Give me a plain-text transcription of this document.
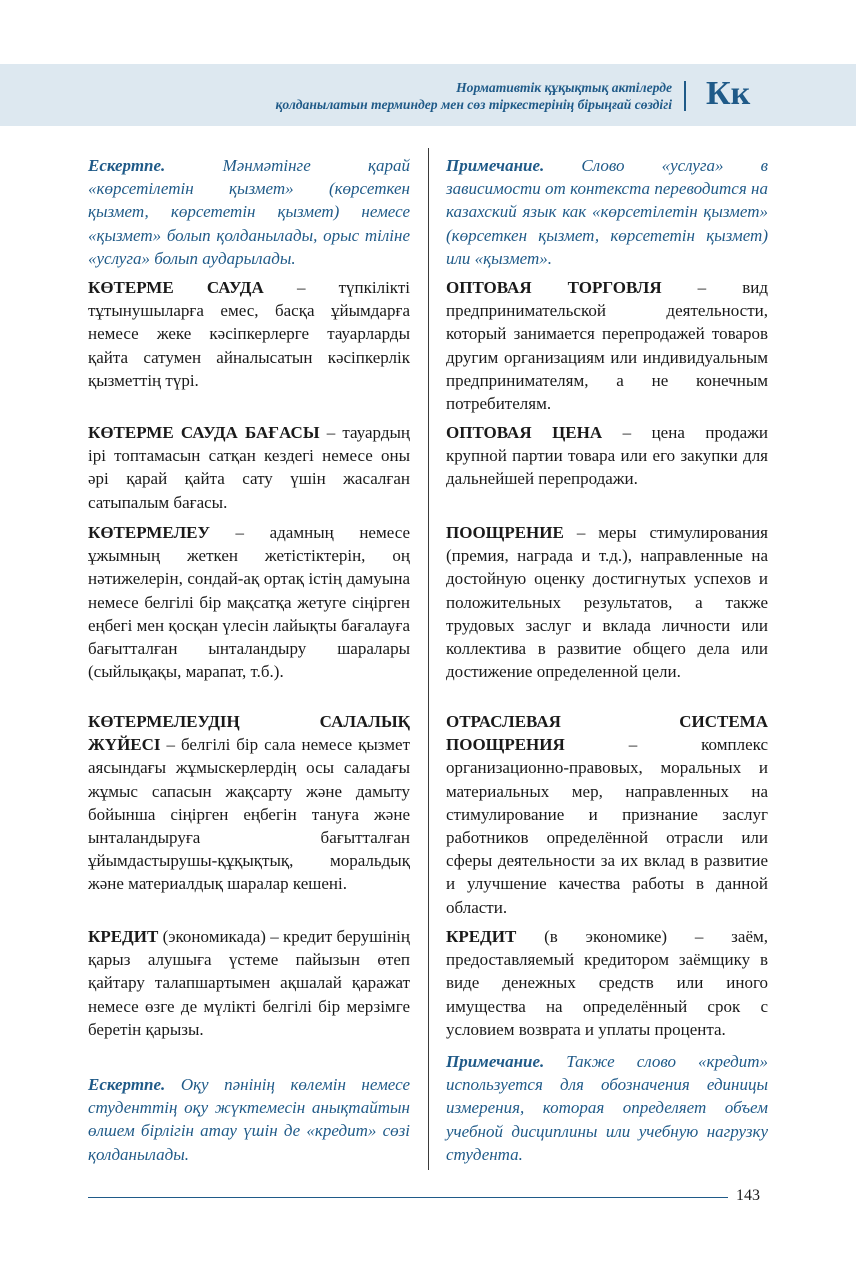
Нормативтік құқықтық актілерде
қолданылатын терминдер мен сөз тіркестерінің бірыңғай сөздігі Кк

Ескертпе. Мәнмәтінге қарай «көрсетілетін қызмет» (көрсеткен қызмет, көрсететін қызмет) немесе «қызмет» болып қолданылады, орыс тіліне «услуга» болып аударылады.

КӨТЕРМЕ САУДА – түпкілікті тұтынушыларға емес, басқа ұйымдарға немесе жеке кәсіпкерлерге тауарларды қайта сатумен айналысатын кәсіпкерлік қызметтің түрі.

КӨТЕРМЕ САУДА БАҒАСЫ – тауардың ірі топтамасын сатқан кездегі немесе оны әрі қарай қайта сату үшін жасалған сатыпалым бағасы.

КӨТЕРМЕЛЕУ – адамның немесе ұжымның жеткен жетістіктерін, оң нәтижелерін, сондай-ақ ортақ істің дамуына немесе белгілі бір мақсатқа жетуге сіңірген еңбегі мен қосқан үлесін лайықты бағалауға бағытталған ынталандыру шаралары (сыйлықақы, марапат, т.б.).

КӨТЕРМЕЛЕУДІҢ САЛАЛЫҚ ЖҮЙЕСІ – белгілі бір сала немесе қызмет аясындағы жұмыскерлердің осы саладағы жұмыс сапасын жақсарту және дамыту бойынша сіңірген еңбегін тануға және ынталандыруға бағытталған ұйымдастырушы-құқықтық, моральдық және материалдық шаралар кешені.

КРЕДИТ (экономикада) – кредит берушінің қарыз алушыға үстеме пайызын өтеп қайтару талапшартымен ақшалай қаражат немесе өзге де мүлікті белгілі бір мерзімге беретін қарызы.

Ескертпе. Оқу пәнінің көлемін немесе студенттің оқу жүктемесін анықтайтын өлшем бірлігін атау үшін де «кредит» сөзі қолданылады.

Примечание. Слово «услуга» в зависимости от контекста переводится на казахский язык как «көрсетілетін қызмет» (көрсеткен қызмет, көрсететін қызмет) или «қызмет».

ОПТОВАЯ ТОРГОВЛЯ – вид предпринимательской деятельности, который занимается перепродажей товаров другим организациям или индивидуальным предпринимателям, а не конечным потребителям.

ОПТОВАЯ ЦЕНА – цена продажи крупной партии товара или его закупки для дальнейшей перепродажи.

ПООЩРЕНИЕ – меры стимулирования (премия, награда и т.д.), направленные на достойную оценку достигнутых успехов и положительных результатов, а также трудовых заслуг и вклада личности или коллектива в развитие общего дела или достижение определенной цели.

ОТРАСЛЕВАЯ СИСТЕМА ПООЩРЕНИЯ – комплекс организационно-правовых, моральных и материальных мер, направленных на стимулирование и признание заслуг работников определённой отрасли или сферы деятельности за их вклад в развитие и улучшение качества работы в данной области.

КРЕДИТ (в экономике) – заём, предоставляемый кредитором заёмщику в виде денежных средств или иного имущества на определённый срок с условием возврата и уплаты процента.

Примечание. Также слово «кредит» используется для обозначения единицы измерения, которая определяет объем учебной дисциплины или учебную нагрузку студента.

143
